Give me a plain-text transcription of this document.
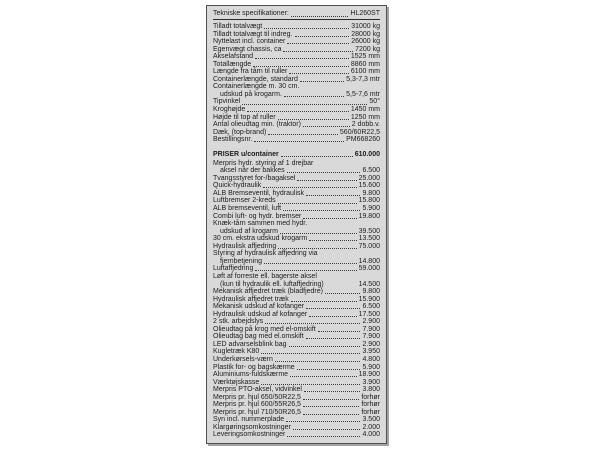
Tekniske specifikationer:	HL260ST
Tilladt totalvægt	31000 kg
Tilladt totalvægt til indreg.	28000 kg
Nyttelast incl. container	26000 kg
Egenvægt chassis, ca	7200 kg
Akselafstand	1525 mm
Totallængde	8860 mm
Længde fra tårn til ruller	6100 mm
Containerlængde, standard	5,3-7,3 mtr
Containerlængde m. 30 cm.
udskud på krogarm.	5,5-7,6 mtr
Tipvinkel	50°
Kroghøjde	1450 mm
Højde til top af ruller	1250 mm
Antal olieudtag min. (traktor)	2 dobb.v.
Dæk, (top-brand)	560/60R22,5
Bestillingsnr.	PM668260
PRISER u/container	610.000
Merpris hydr. styring af 1 drejbar
aksel når der bakkes	6.500
Tvangsstyret for-/bagaksel	25.000
Quick-hydraulik	15.600
ALB Bremseventil, hydraulisk	9.800
Luftbremser 2-kreds	15.800
ALB bremseventil, luft	5.900
Combi luft- og hydr. bremser	19.800
Knæk-tårn sammen med hydr.
udskud af krogarm	39.500
30 cm. ekstra udskud krogarm	13.500
Hydraulisk affjedring	75.000
Styring af hydraulisk affjedring via
fjernbetjening	14.800
Luftaffjedring	59.000
Løft af forreste ell. bagerste aksel
(kun til hydraulik ell. luftaffjedring)	14.500
Mekanisk affjedret træk (bladfjedre)	9.800
Hydraulisk affjedret træk	15.900
Mekanisk udskud af kofanger	6.500
Hydraulisk udskud af kofanger	17.500
2 stk. arbejdslys	2.900
Olieudtag på krog med el-omskift	7.900
Olieudtag bag med el.omskift	7.900
LED advarselsblink bag	2.900
Kugletræk K80	3.950
Underkørsels-værn	4.800
Plastik for- og bagskærme	5.900
Aluminiums-fuldskærme	18.900
Værktøjskasse	3.900
Merpris PTO-aksel, vidvinkel	3.800
Merpris pr. hjul 650/50R22,5	forhør
Merpris pr. hjul 600/55R26,5	forhør
Merpris pr. hjul 710/50R26,5	forhør
Syn incl. nummerplade	3.500
Klargøringsomkostninger	2.000
Leveringsomkostninger	4.000
